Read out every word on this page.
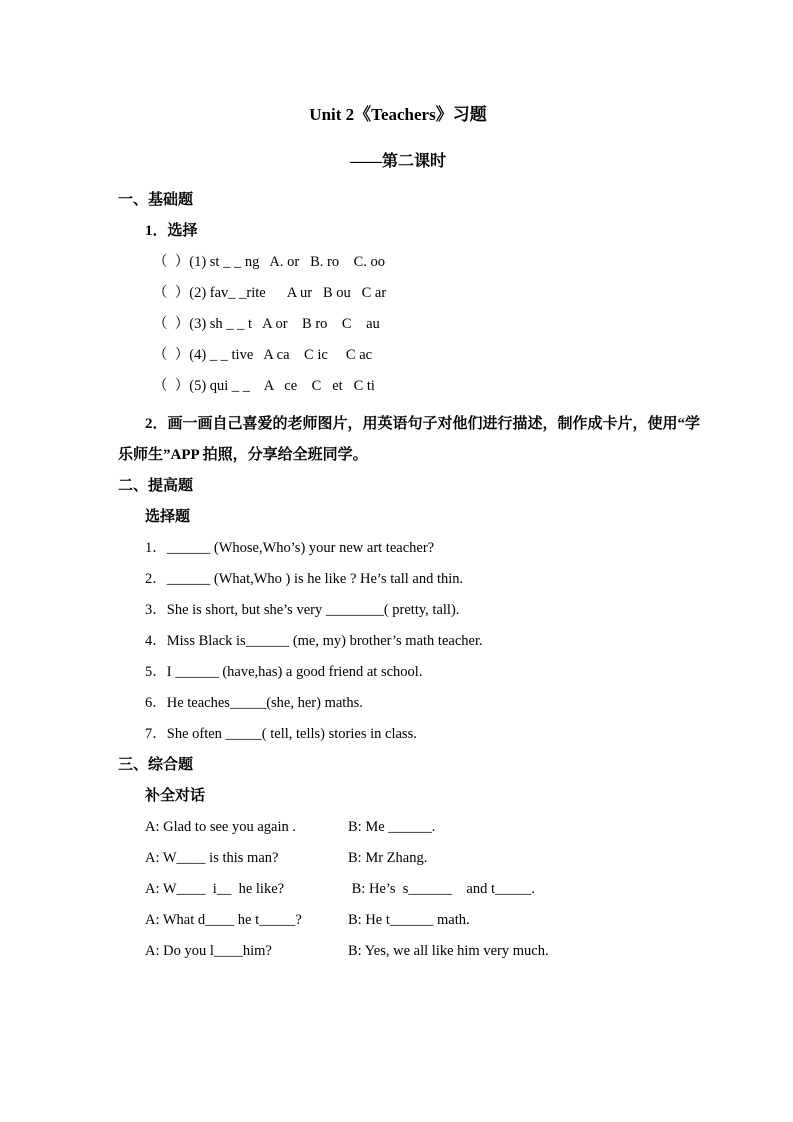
Unit 2《Teachers》习题
——第二课时
一、基础题
1．选择
（  ）(1) st _ _ ng   A. or   B. ro    C. oo
（  ）(2) fav_ _rite      A ur   B ou   C ar
（  ）(3) sh _ _ t   A or    B ro    C    au
（  ）(4) _ _ tive   A ca    C ic     C ac
（  ）(5) qui _ _    A   ce    C   et   C ti
2．画一画自己喜爱的老师图片，用英语句子对他们进行描述，制作成卡片，使用“学
乐师生”APP 拍照，分享给全班同学。
二、提高题
选择题
1．______ (Whose,Who’s) your new art teacher?
2．______ (What,Who ) is he like ? He’s tall and thin.
3．She is short, but she’s very ________( pretty, tall).
4．Miss Black is______ (me, my) brother’s math teacher.
5．I ______ (have,has) a good friend at school.
6．He teaches_____(she, her) maths.
7．She often _____( tell, tells) stories in class.
三、综合题
补全对话
A: Glad to see you again .	B: Me ______.
A: W____ is this man?	B: Mr Zhang.
A: W____  i__  he like?	B: He’s  s______    and t_____.
A: What d____ he t_____?	B: He t______ math.
A: Do you l____him?	B: Yes, we all like him very much.
